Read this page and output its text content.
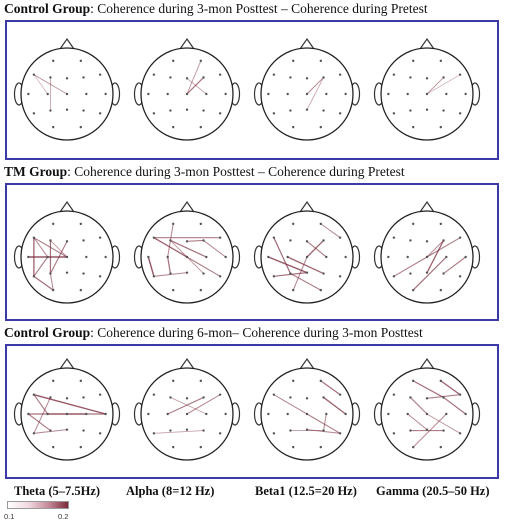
Control Group: Coherence during 3-mon Posttest – Coherence during Pretest
TM Group: Coherence during 3-mon Posttest – Coherence during Pretest
Control Group: Coherence during 6-mon– Coherence during 3-mon Posttest
Theta (5–7.5Hz) Alpha (8=12 Hz)	Beta1 (12.5=20 Hz) Gamma (20.5–50 Hz)
0.1	0.2
